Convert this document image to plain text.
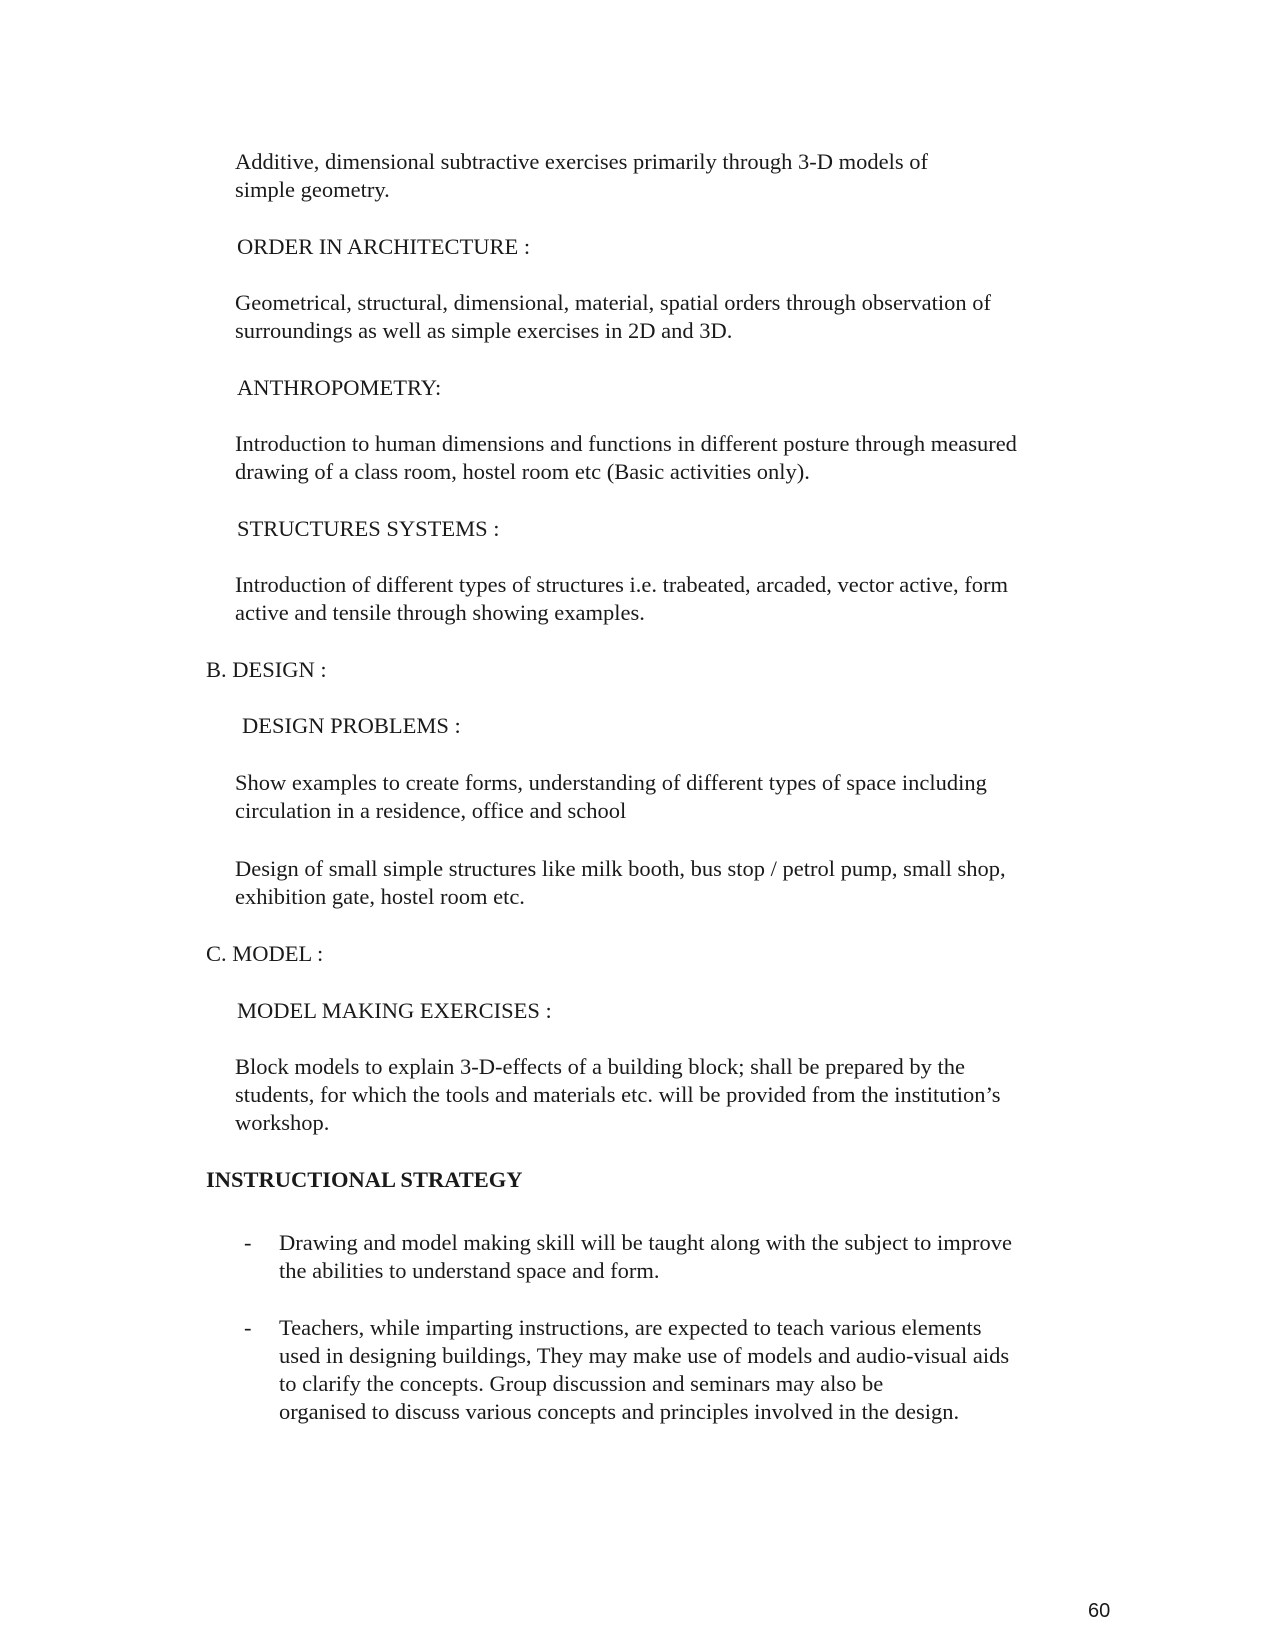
Additive, dimensional subtractive exercises primarily through 3-D models of

simple geometry.

ORDER IN ARCHITECTURE :

Geometrical, structural, dimensional, material, spatial orders through observation of

surroundings as well as simple exercises in 2D and 3D.

ANTHROPOMETRY:

Introduction to human dimensions and functions in different posture through measured

drawing of a class room, hostel room etc (Basic activities only).

STRUCTURES SYSTEMS :

Introduction of different types of structures i.e. trabeated, arcaded, vector active, form

active and tensile through showing examples.

B. DESIGN :

DESIGN PROBLEMS :

Show examples to create forms, understanding of different types of space including

circulation in a residence, office and school

Design of small simple structures like milk booth, bus stop / petrol pump, small shop,

exhibition gate, hostel room etc.

C. MODEL :

MODEL MAKING EXERCISES :

Block models to explain 3-D-effects of a building block; shall be prepared by the

students, for which the tools and materials etc. will be provided from the institution’s

workshop.

INSTRUCTIONAL STRATEGY

- Drawing and model making skill will be taught along with the subject to improve

the abilities to understand space and form.

- Teachers, while imparting instructions, are expected to teach various elements

used in designing buildings, They may make use of models and audio-visual aids

to clarify the concepts. Group discussion and seminars may also be

organised to discuss various concepts and principles involved in the design.

60
